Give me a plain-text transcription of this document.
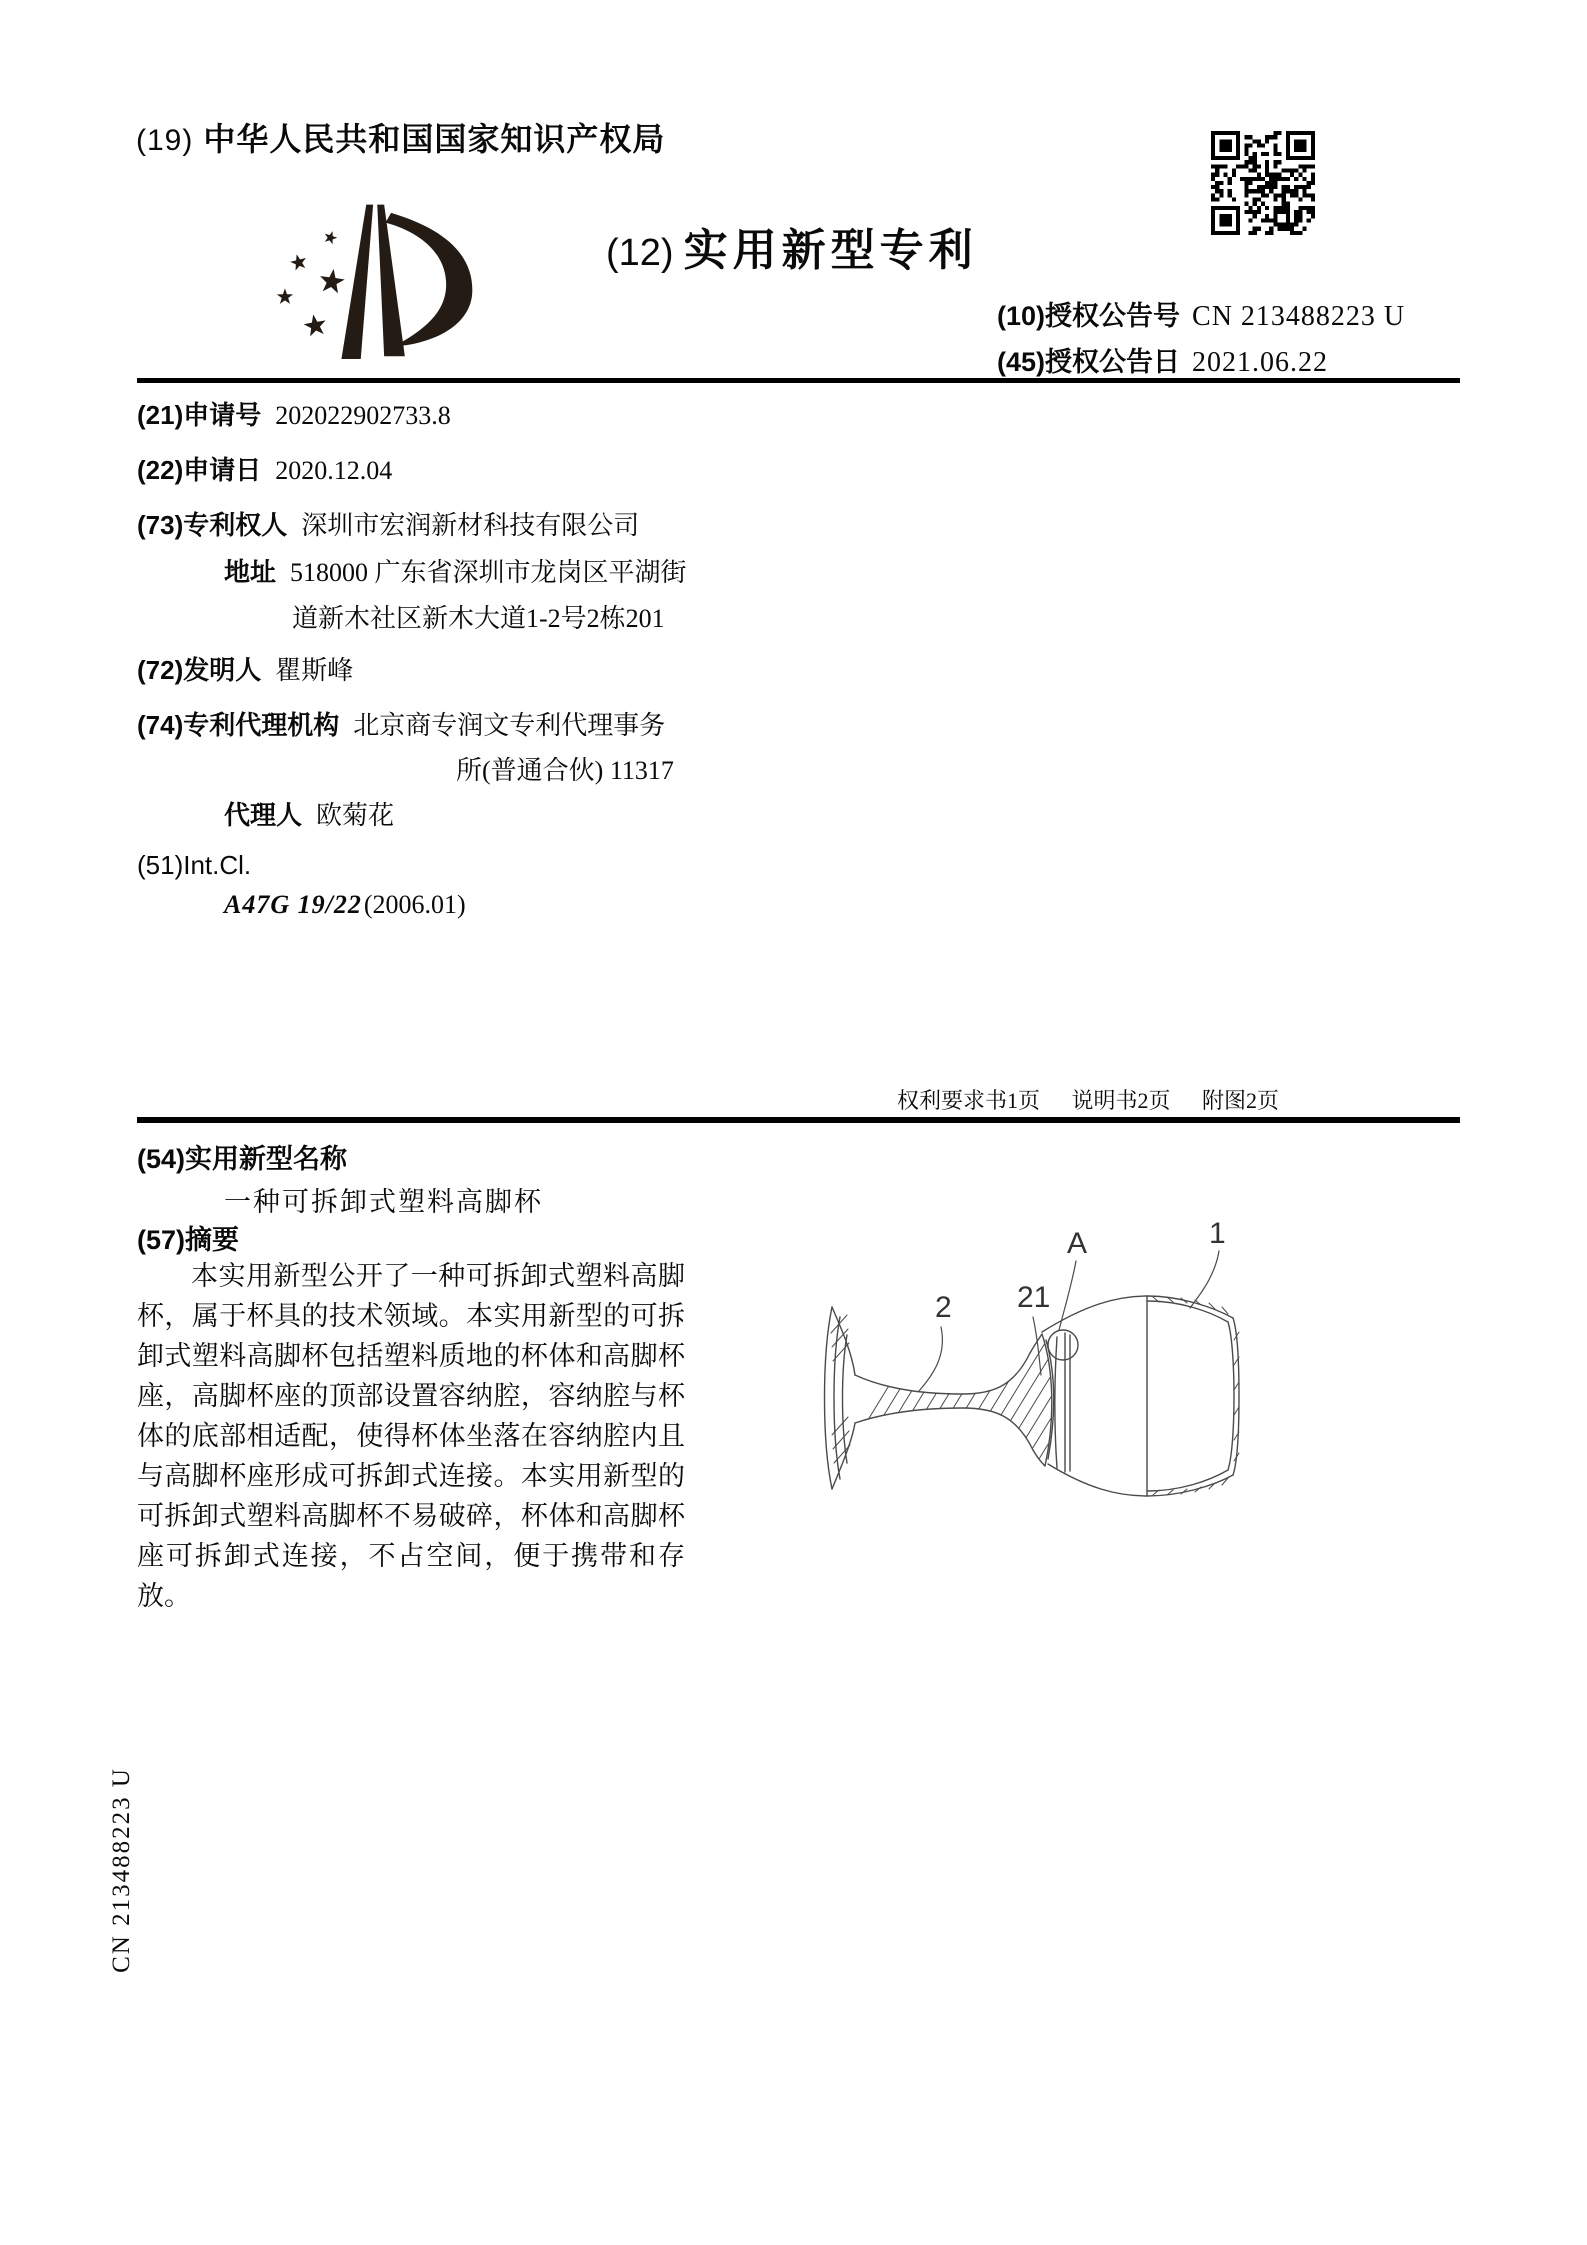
(19) 中华人民共和国国家知识产权局
(12) 实用新型专利
(10)授权公告号 CN 213488223 U
(45)授权公告日 2021.06.22
(21)申请号 202022902733.8
(22)申请日 2020.12.04
(73)专利权人 深圳市宏润新材科技有限公司
地址 518000 广东省深圳市龙岗区平湖街
道新木社区新木大道1-2号2栋201
(72)发明人 瞿斯峰
(74)专利代理机构 北京商专润文专利代理事务
所(普通合伙) 11317
代理人 欧菊花
(51)Int.Cl.
A47G 19/22(2006.01)
权利要求书1页 说明书2页 附图2页
(54)实用新型名称
一种可拆卸式塑料高脚杯
(57)摘要
本实用新型公开了一种可拆卸式塑料高脚杯，属于杯具的技术领域。本实用新型的可拆卸式塑料高脚杯包括塑料质地的杯体和高脚杯座，高脚杯座的顶部设置容纳腔，容纳腔与杯体的底部相适配，使得杯体坐落在容纳腔内且与高脚杯座形成可拆卸式连接。本实用新型的可拆卸式塑料高脚杯不易破碎，杯体和高脚杯座可拆卸式连接，不占空间，便于携带和存放。
2 21
A	1
CN 213488223 U
